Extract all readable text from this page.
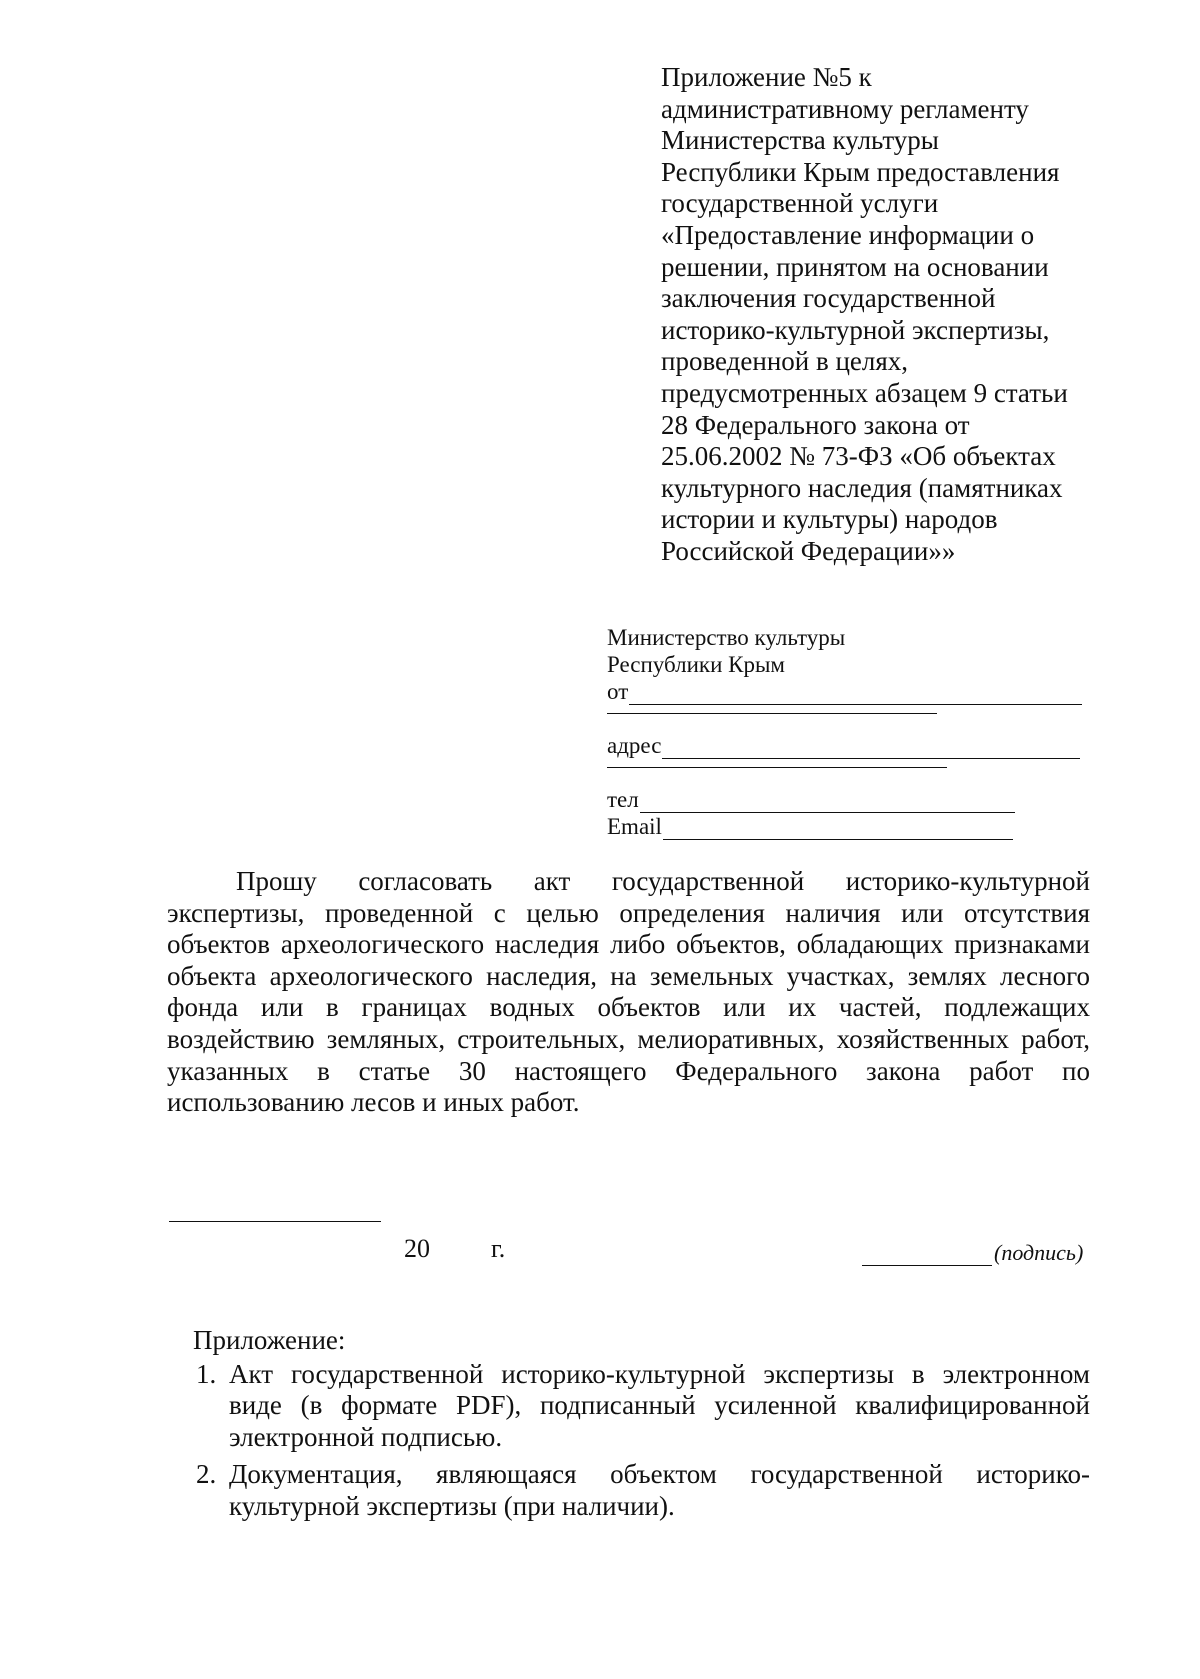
Приложение №5 к
административному регламенту
Министерства культуры
Республики Крым предоставления
государственной услуги
«Предоставление информации о
решении, принятом на основании
заключения государственной
историко-культурной экспертизы,
проведенной в целях,
предусмотренных абзацем 9 статьи
28 Федерального закона от
25.06.2002 № 73-ФЗ «Об объектах
культурного наследия (памятниках
истории и культуры) народов
Российской Федерации»»
Министерство культуры
Республики Крым
от
адрес
тел
Email

Прошу согласовать акт государственной историко-культурной экспертизы, проведенной с целью определения наличия или отсутствия объектов археологического наследия либо объектов, обладающих признаками объекта археологического наследия, на земельных участках, землях лесного фонда или в границах водных объектов или их частей, подлежащих воздействию земляных, строительных, мелиоративных, хозяйственных работ, указанных в статье 30 настоящего Федерального закона работ по использованию лесов и иных работ.

20 г.	(подпись)
Приложение:
1. Акт государственной историко-культурной экспертизы в электронном виде (в формате PDF), подписанный усиленной квалифицированной электронной подписью.
2. Документация, являющаяся объектом государственной историко-культурной экспертизы (при наличии).
